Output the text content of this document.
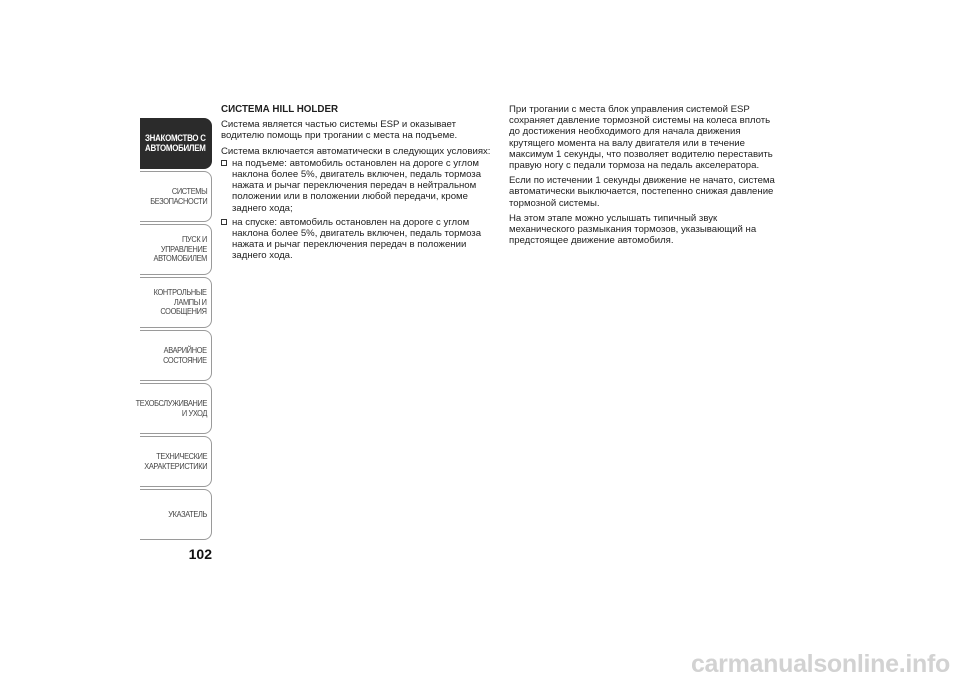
ЗНАКОМСТВО С
АВТОМОБИЛЕМ
СИСТЕМЫ
БЕЗОПАСНОСТИ
ПУСК И УПРАВЛЕНИЕ
АВТОМОБИЛЕМ
КОНТРОЛЬНЫЕ
ЛАМПЫ И
СООБЩЕНИЯ
АВАРИЙНОЕ
СОСТОЯНИЕ
ТЕХОБСЛУЖИВАНИЕ
И УХОД
ТЕХНИЧЕСКИЕ
ХАРАКТЕРИСТИКИ
УКАЗАТЕЛЬ
102

СИСТЕМА HILL HOLDER

Система является частью системы ESP и оказывает водителю помощь при трогании с места на подъеме.

Система включается автоматически в следующих условиях:

на подъеме: автомобиль остановлен на дороге с углом наклона более 5%, двигатель включен, педаль тормоза нажата и рычаг переключения передач в нейтральном положении или в положении любой передачи, кроме заднего хода;
на спуске: автомобиль остановлен на дороге с углом наклона более 5%, двигатель включен, педаль тормоза нажата и рычаг переключения передач в положении заднего хода.

При трогании с места блок управления системой ESP сохраняет давление тормозной системы на колеса вплоть до достижения необходимого для начала движения крутящего момента на валу двигателя или в течение максимум 1 секунды, что позволяет водителю переставить правую ногу с педали тормоза на педаль акселератора.

Если по истечении 1 секунды движение не начато, система автоматически выключается, постепенно снижая давление тормозной системы.

На этом этапе можно услышать типичный звук механического размыкания тормозов, указывающий на предстоящее движение автомобиля.

carmanualsonline.info
